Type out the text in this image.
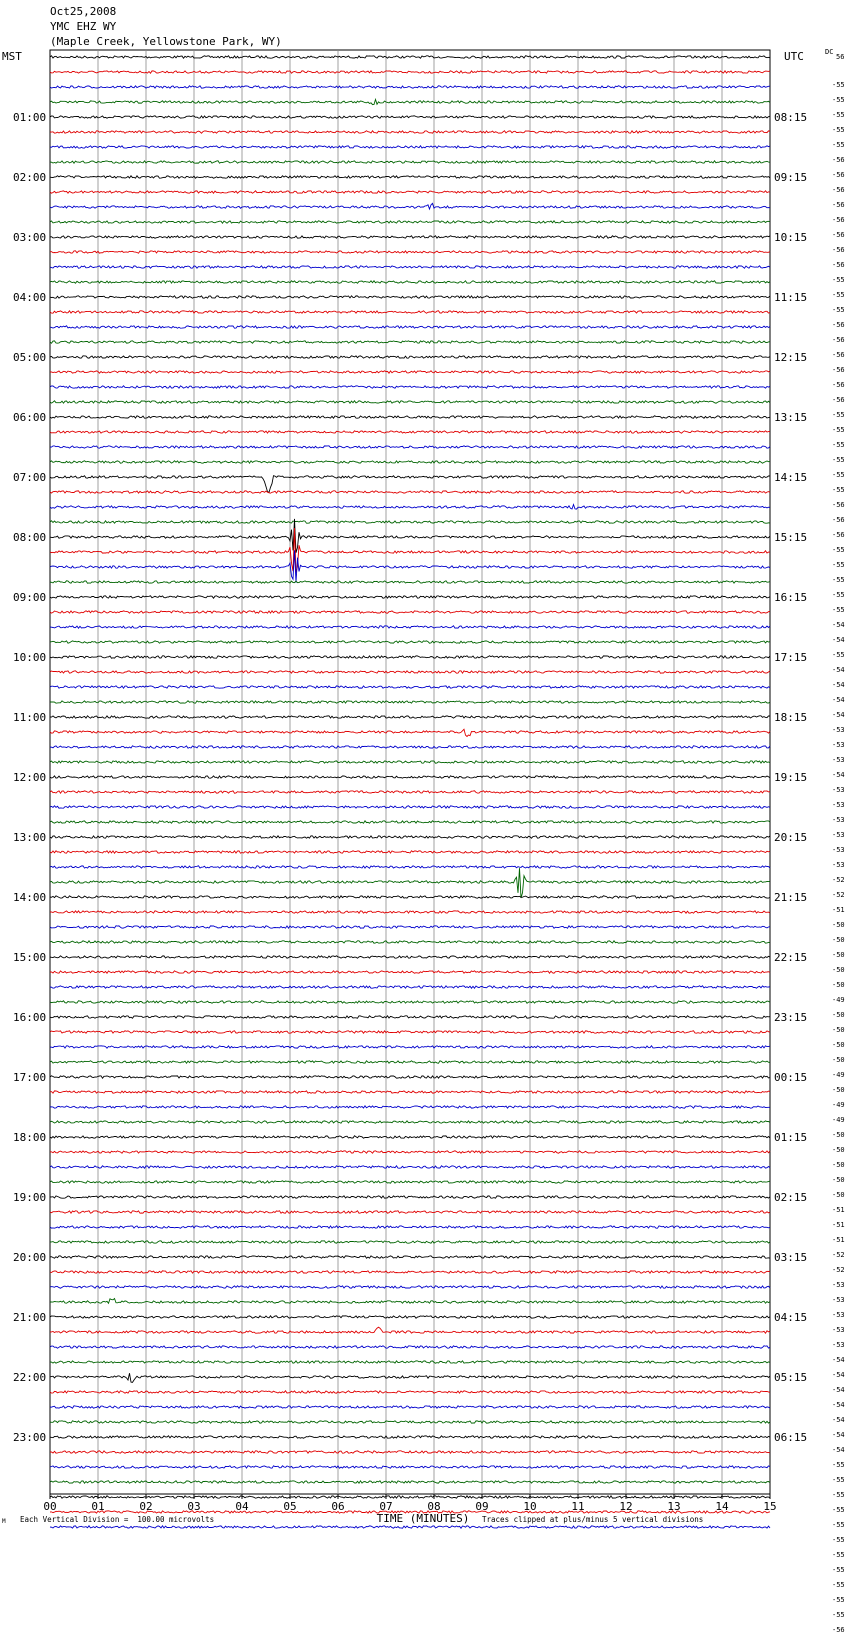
Oct25,2008
YMC EHZ WY
(Maple Creek, Yellowstone Park, WY)
MST	UTC
00	01	02	03	04	05	06	07	08	09	10	11	12	13	14	15
TIME (MINUTES)
01:00
02:00
03:00
04:00
05:00
06:00
07:00
08:00
09:00
10:00
11:00
12:00
13:00
14:00
15:00
16:00
17:00
18:00
19:00
20:00
21:00
22:00
23:00
08:15
09:15
10:15
11:15
12:15
13:15
14:15
15:15
16:15
17:15
18:15
19:15
20:15
21:15
22:15
23:15
00:15
01:15
02:15
03:15
04:15
05:15
06:15
DC
56
-55
-55
-55
-55
-55
-56
-56
-56
-56
-56
-56
-56
-56
-55
-55
-55
-56
-56
-56
-56
-56
-56
-55
-55
-55
-55
-55
-55
-56
-56
-56
-55
-55
-55
-55
-55
-54
-54
-55
-54
-54
-54
-54
-53
-53
-53
-54
-53
-53
-53
-53
-53
-53
-52
-52
-51
-50
-50
-50
-50
-50
-49
-50
-50
-50
-50
-49
-50
-49
-49
-50
-50
-50
-50
-50
-51
-51
-51
-52
-52
-53
-53
-53
-53
-53
-54
-54
-54
-54
-54
-54
-54
-55
-55
-55
-55
-55
-55
-55
-55
-55
-55
-55
-56
M Each Vertical Division =  100.00 microvolts	Traces clipped at plus/minus 5 vertical divisions
